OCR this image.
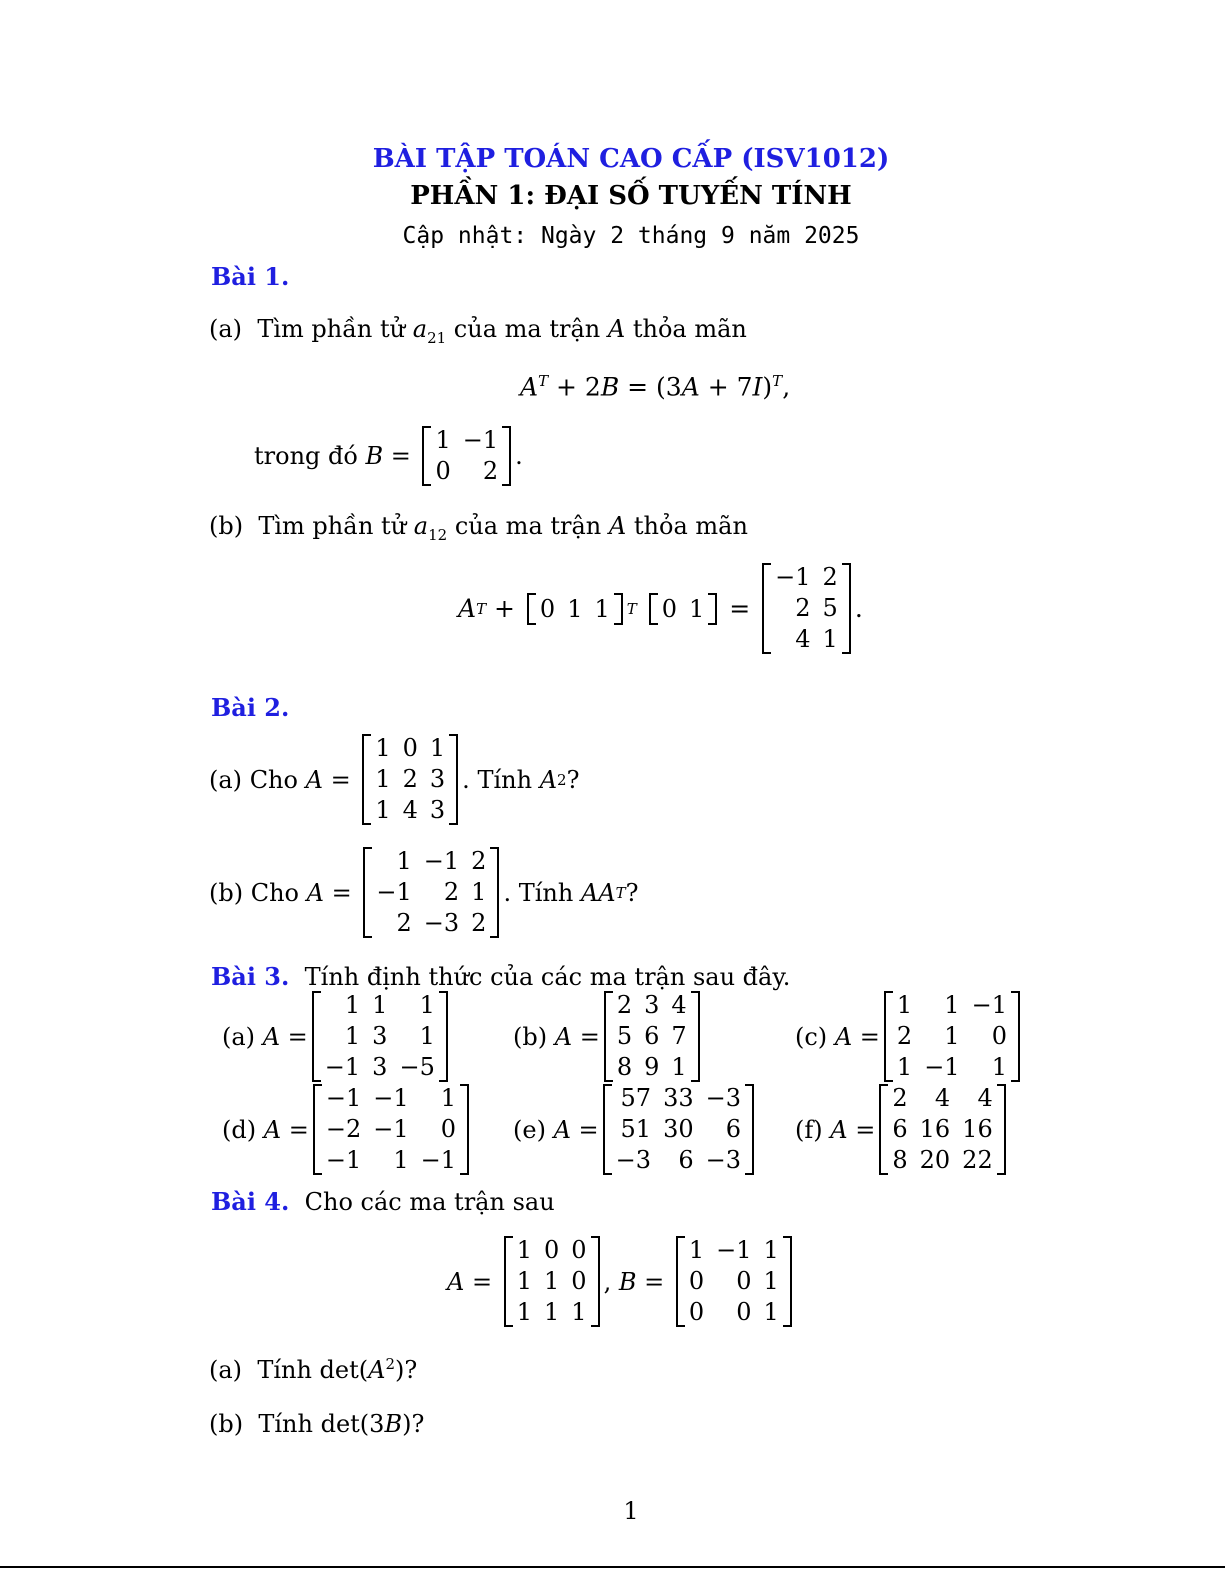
BÀI TẬP TOÁN CAO CẤP (ISV1012)
PHẦN 1: ĐẠI SỐ TUYẾN TÍNH
Cập nhật: Ngày 2 tháng 9 năm 2025
Bài 1.
(a) Tìm phần tử $a_{21}$ của ma trận A thỏa mãn
$A^T + 2B = (3A + 7I)^T$,
trong đó
B =
1	−1
0	2
.
(b) Tìm phần tử $a_{12}$ của ma trận A thỏa mãn
A T + 0	1	1 T
0	1 =
−1	2
2	5
4	1
.
Bài 2.
(a)
Cho
A =
1	0	1
1	2	3
1	4	3
. Tính
A 2 ?
(b)
Cho
A =
1	−1	2
−1	2	1
2	−3	2
. Tính
AA T ?
Bài 3. Tính định thức của các ma trận sau đây.
(a)
A =
1	1	1
1	3	1
−1	3	−5
(b)
A =
2	3	4
5	6	7
8	9	1
(c)
A =
1	1	−1
2	1	0
1	−1	1
(d)
A =
−1	−1	1
−2	−1	0
−1	1	−1
(e)
A =
57	33	−3
51	30	6
−3	6	−3
(f)
A =
2	4	4
6	16	16
8	20	22
Bài 4. Cho các ma trận sau
A =
1	0	0
1	1	0
1	1	1
, B =
1	−1	1
0	0	1
0	0	1
(a) Tính $\det(A^2)$?
(b) Tính det(3B)?
1
